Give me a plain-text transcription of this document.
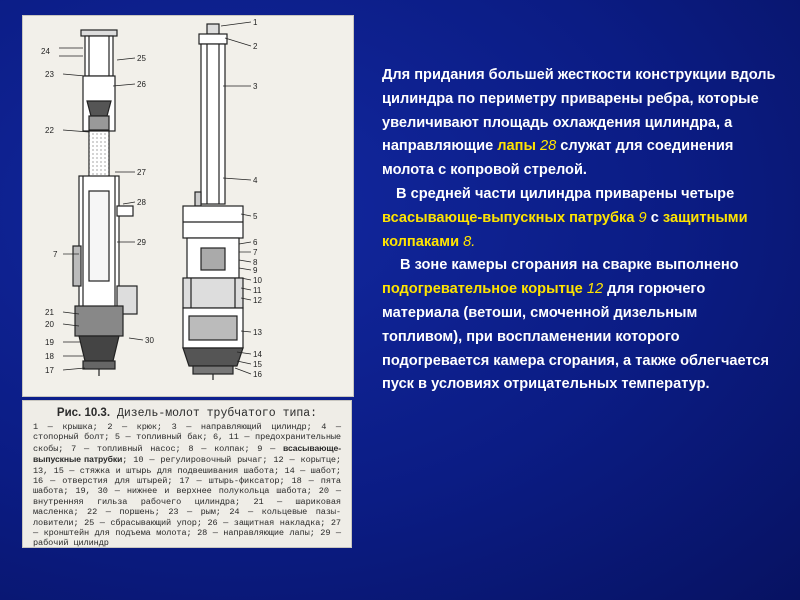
1
2
3
4
5
6
7
8
9
10
11
12
13
14
15
16
17
18
19
20
21
22
23
24
25
26
27
28
29
30
7
Рис. 10.3. Дизель-молот трубчатого типа:
1 — крышка; 2 — крюк; 3 — направляющий цилиндр; 4 — стопорный болт; 5 — топливный бак; 6, 11 — предохранительные скобы; 7 — топливный насос; 8 — колпак; 9 — всасывающе-выпускные патрубки; 10 — регулировочный рычаг; 12 — корытце; 13, 15 — стяжка и штырь для подвешивания шабота; 14 — шабот; 16 — отверстия для штырей; 17 — штырь-фиксатор; 18 — пята шабота; 19, 30 — нижнее и верхнее полукольца шабота; 20 — внутренняя гильза рабочего цилиндра; 21 — шариковая масленка; 22 — поршень; 23 — рым; 24 — кольцевые пазы-ловители; 25 — сбрасывающий упор; 26 — защитная накладка; 27 — кронштейн для подъема молота; 28 — направляющие лапы; 29 — рабочий цилиндр

Для придания большей жесткости конструкции вдоль цилиндра по периметру приварены ребра, которые увеличивают площадь охлаждения цилиндра, а направляющие лапы 28 служат для соединения молота с копровой стрелой.

В средней части цилиндра приварены четыре всасывающе-выпускных патрубка 9 с защитными колпаками 8.

В зоне камеры сгорания на сварке выполнено подогревательное корытце 12 для горючего материала (ветоши, смоченной дизельным топливом), при воспламенении которого подогревается камера сгорания, а также облегчается пуск в условиях отрицательных температур.
